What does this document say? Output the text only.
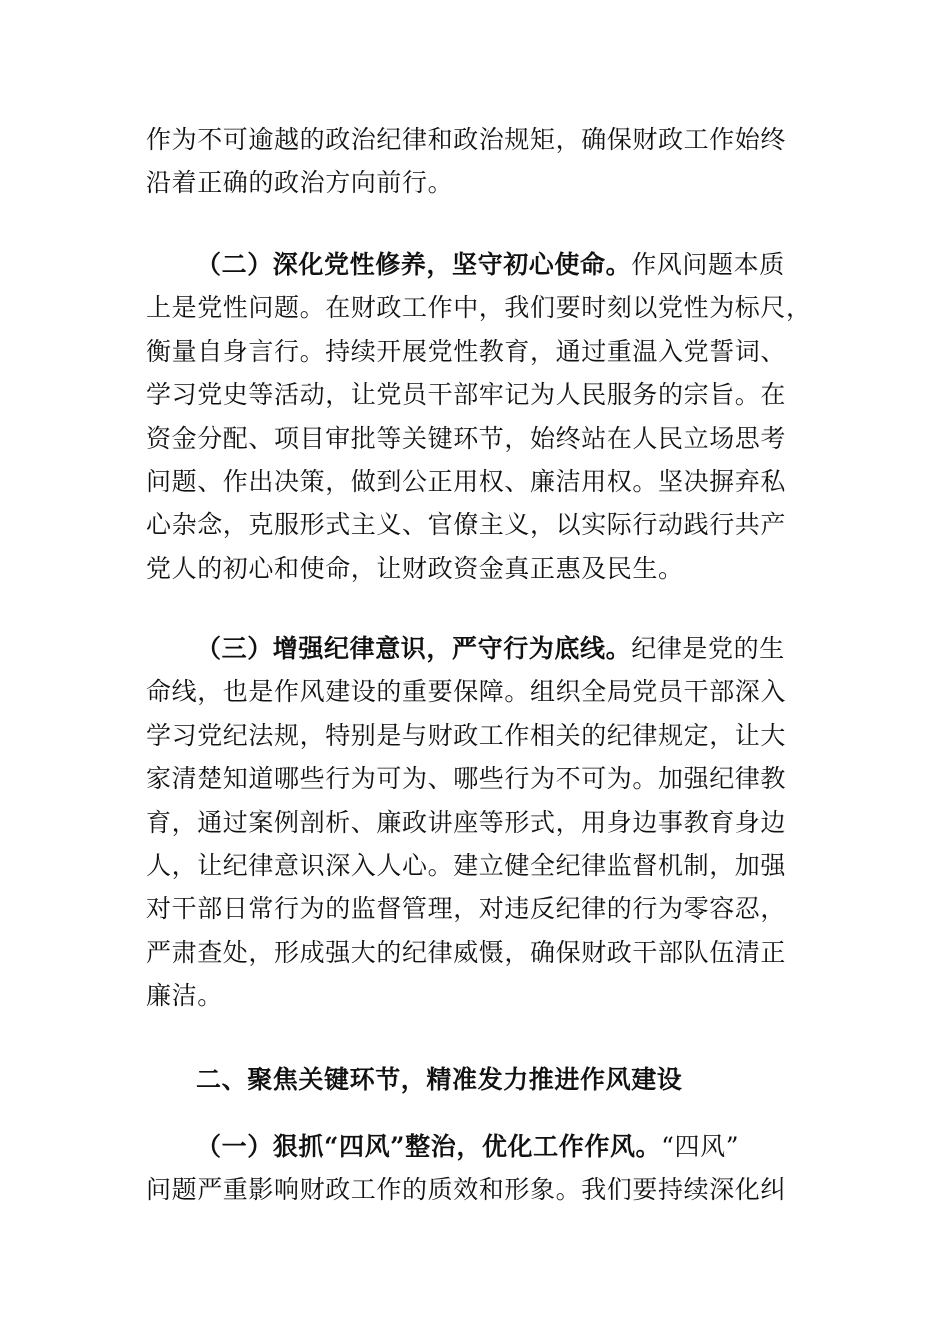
作为不可逾越的政治纪律和政治规矩，确保财政工作始终
沿着正确的政治方向前行。
（二）深化党性修养，坚守初心使命。作风问题本质
上是党性问题。在财政工作中，我们要时刻以党性为标尺，
衡量自身言行。持续开展党性教育，通过重温入党誓词、
学习党史等活动，让党员干部牢记为人民服务的宗旨。在
资金分配、项目审批等关键环节，始终站在人民立场思考
问题、作出决策，做到公正用权、廉洁用权。坚决摒弃私
心杂念，克服形式主义、官僚主义，以实际行动践行共产
党人的初心和使命，让财政资金真正惠及民生。
（三）增强纪律意识，严守行为底线。纪律是党的生
命线，也是作风建设的重要保障。组织全局党员干部深入
学习党纪法规，特别是与财政工作相关的纪律规定，让大
家清楚知道哪些行为可为、哪些行为不可为。加强纪律教
育，通过案例剖析、廉政讲座等形式，用身边事教育身边
人，让纪律意识深入人心。建立健全纪律监督机制，加强
对干部日常行为的监督管理，对违反纪律的行为零容忍，
严肃查处，形成强大的纪律威慑，确保财政干部队伍清正
廉洁。
二、聚焦关键环节，精准发力推进作风建设
（一）狠抓“四风”整治，优化工作作风。“四风”
问题严重影响财政工作的质效和形象。我们要持续深化纠
